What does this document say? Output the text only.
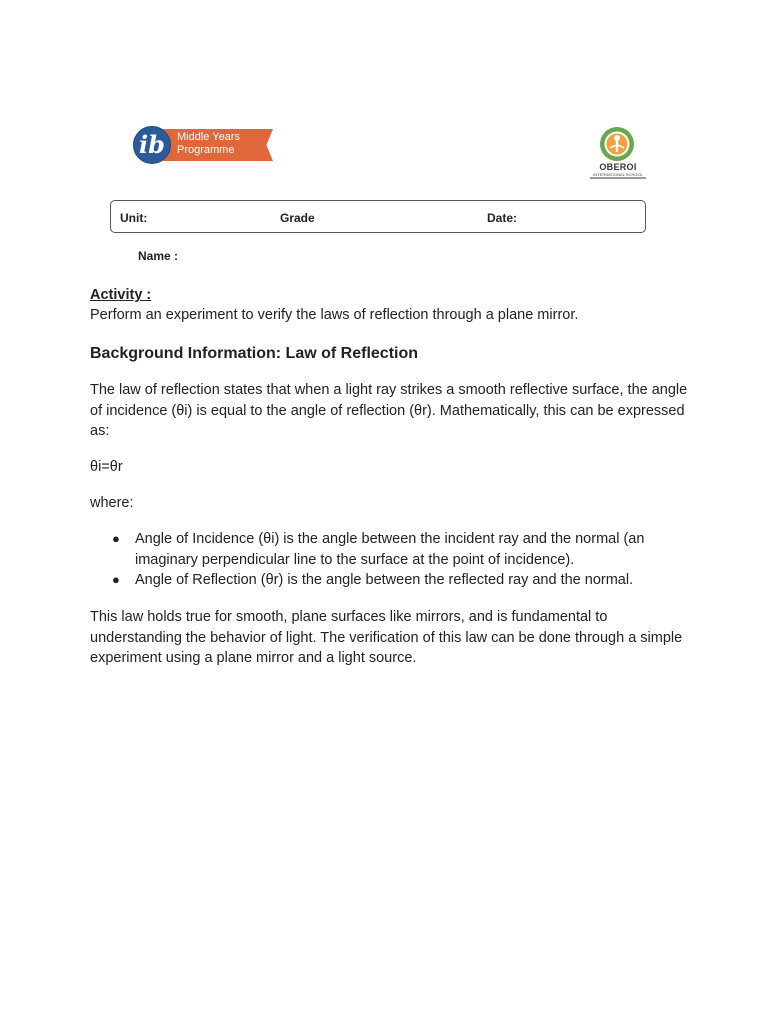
ib	Middle Years
Programme
OBEROI
INTERNATIONAL SCHOOL
Unit:	Grade	Date:
Name :
Activity :
Perform an experiment to verify the laws of reflection through a plane mirror.
Background Information: Law of Reflection
The law of reflection states that when a light ray strikes a smooth reflective surface, the angle of incidence (θi) is equal to the angle of reflection (θr). Mathematically, this can be expressed as:
θi=θr
where:
● Angle of Incidence (θi) is the angle between the incident ray and the normal (an imaginary perpendicular line to the surface at the point of incidence).
● Angle of Reflection (θr) is the angle between the reflected ray and the normal.
This law holds true for smooth, plane surfaces like mirrors, and is fundamental to understanding the behavior of light. The verification of this law can be done through a simple experiment using a plane mirror and a light source.
